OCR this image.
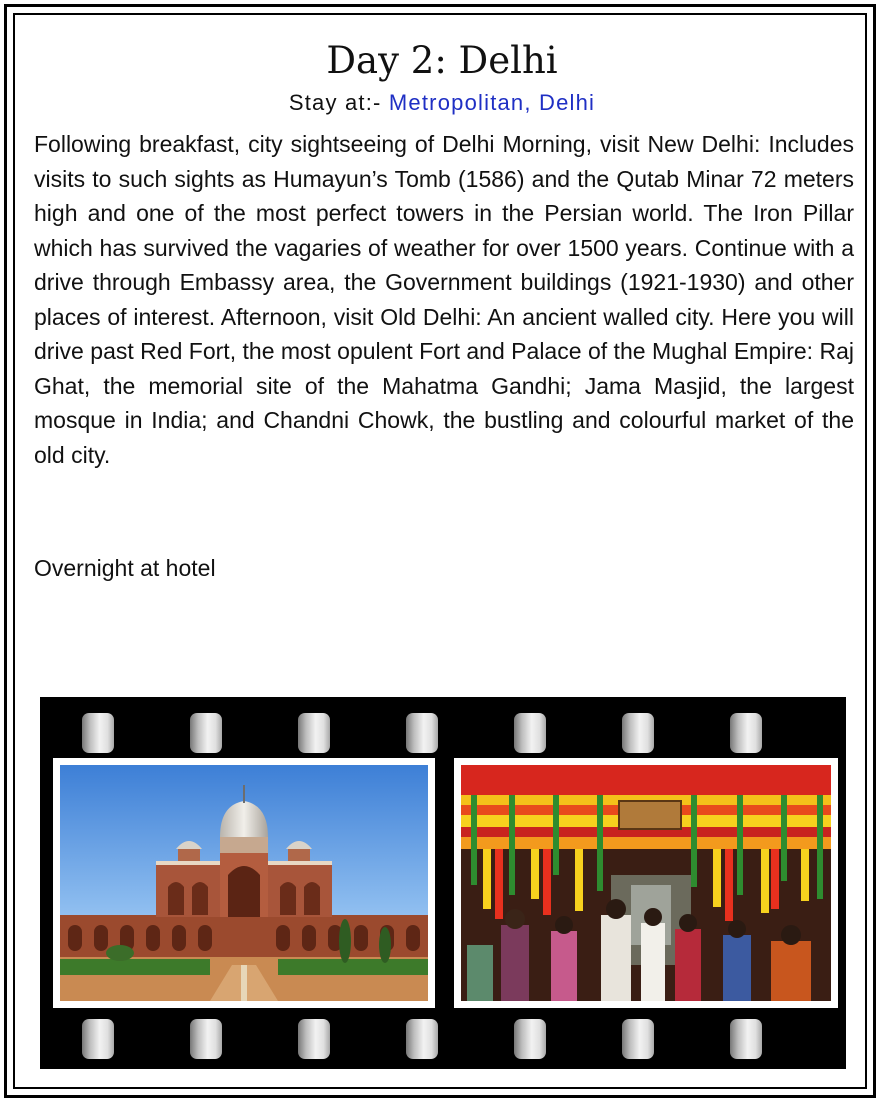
Day 2: Delhi
Stay at:- Metropolitan, Delhi
Following breakfast, city sightseeing of Delhi Morning, visit New Delhi: Includes visits to such sights as Humayun’s Tomb (1586) and the Qutab Minar 72 meters high and one of the most perfect towers in the Persian world. The Iron Pillar which has survived the vagaries of weather for over 1500 years. Continue with a drive through Embassy area, the Government buildings (1921-1930) and other places of interest. Afternoon, visit Old Delhi: An ancient walled city. Here you will drive past Red Fort, the most opulent Fort and Palace of the Mughal Empire: Raj Ghat, the memorial site of the Mahatma Gandhi; Jama Masjid, the largest mosque in India; and Chandni Chowk, the bustling and colourful market of the old city.
Overnight at hotel
